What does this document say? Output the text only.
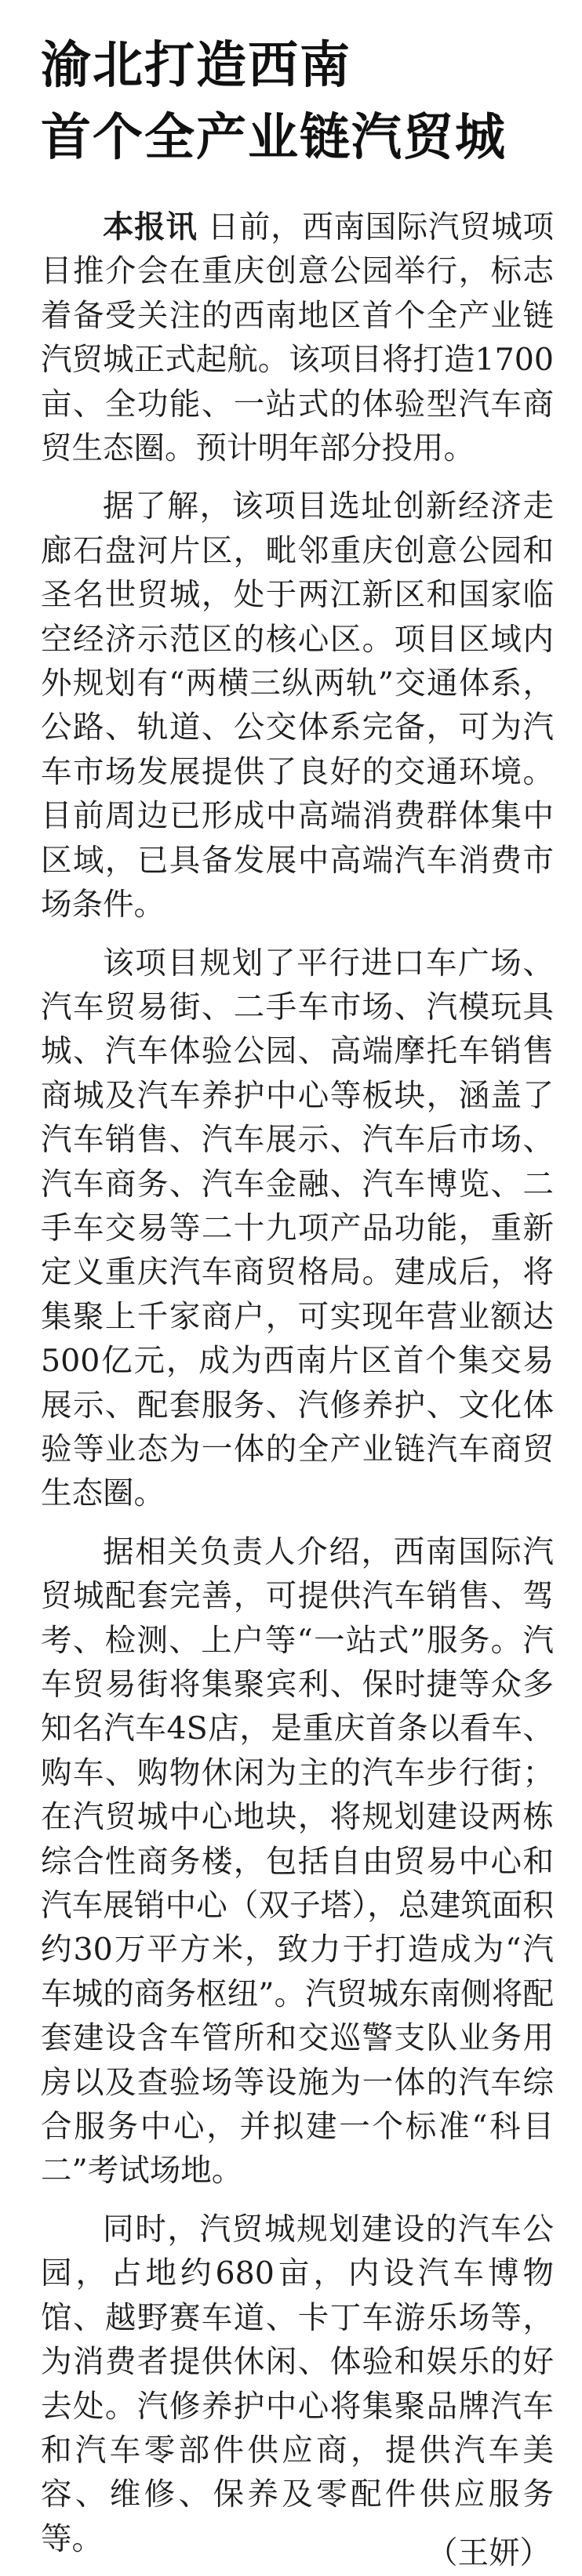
渝北打造西南
首个全产业链汽贸城

本报讯 日前，西南国际汽贸城项目推介会在重庆创意公园举行，标志着备受关注的西南地区首个全产业链汽贸城正式起航。该项目将打造1700亩、全功能、一站式的体验型汽车商贸生态圈。预计明年部分投用。

据了解，该项目选址创新经济走廊石盘河片区，毗邻重庆创意公园和圣名世贸城，处于两江新区和国家临空经济示范区的核心区。项目区域内外规划有“两横三纵两轨”交通体系，公路、轨道、公交体系完备，可为汽车市场发展提供了良好的交通环境。目前周边已形成中高端消费群体集中区域，已具备发展中高端汽车消费市场条件。

该项目规划了平行进口车广场、汽车贸易街、二手车市场、汽模玩具城、汽车体验公园、高端摩托车销售商城及汽车养护中心等板块，涵盖了汽车销售、汽车展示、汽车后市场、汽车商务、汽车金融、汽车博览、二手车交易等二十九项产品功能，重新定义重庆汽车商贸格局。建成后，将集聚上千家商户，可实现年营业额达500亿元，成为西南片区首个集交易展示、配套服务、汽修养护、文化体验等业态为一体的全产业链汽车商贸生态圈。

据相关负责人介绍，西南国际汽贸城配套完善，可提供汽车销售、驾考、检测、上户等“一站式”服务。汽车贸易街将集聚宾利、保时捷等众多知名汽车4S店，是重庆首条以看车、购车、购物休闲为主的汽车步行街；在汽贸城中心地块，将规划建设两栋综合性商务楼，包括自由贸易中心和汽车展销中心（双子塔），总建筑面积约30万平方米，致力于打造成为“汽车城的商务枢纽”。汽贸城东南侧将配套建设含车管所和交巡警支队业务用房以及查验场等设施为一体的汽车综合服务中心，并拟建一个标准“科目二”考试场地。

同时，汽贸城规划建设的汽车公园，占地约680亩，内设汽车博物馆、越野赛车道、卡丁车游乐场等，为消费者提供休闲、体验和娱乐的好去处。汽修养护中心将集聚品牌汽车和汽车零部件供应商，提供汽车美容、维修、保养及零配件供应服务等。	（王妍）
